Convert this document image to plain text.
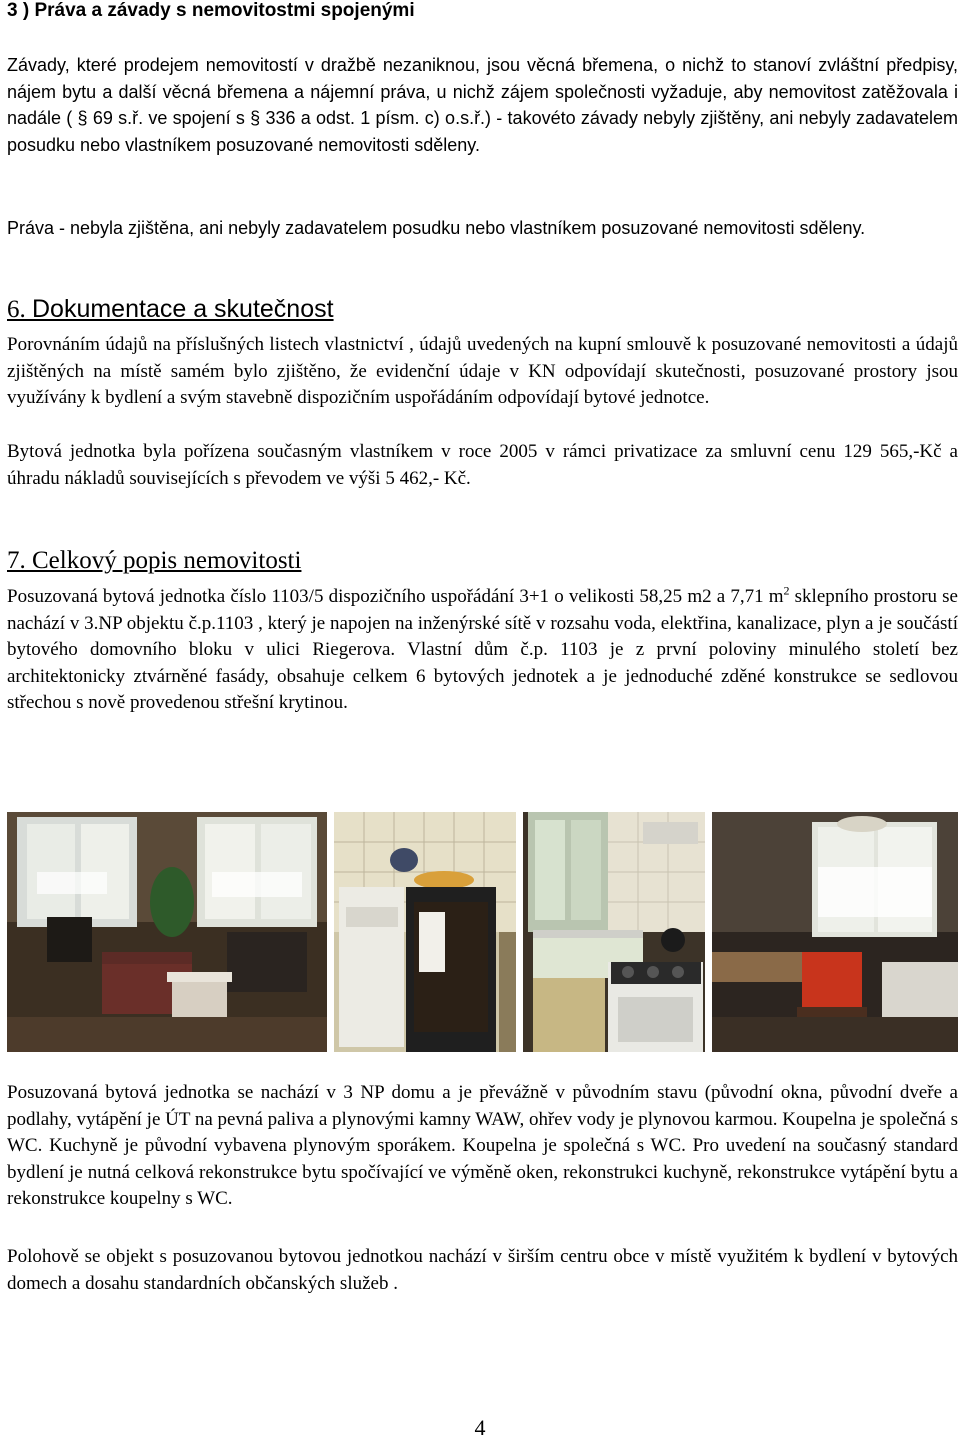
3 ) Práva a závady s nemovitostmi spojenými

Závady, které prodejem nemovitostí v dražbě nezaniknou, jsou věcná břemena, o nichž to stanoví zvláštní předpisy, nájem bytu a další věcná břemena a nájemní práva, u nichž zájem společnosti vyžaduje, aby nemovitost zatěžovala i nadále ( § 69 s.ř. ve spojení s § 336 a odst. 1 písm. c) o.s.ř.) - takovéto závady nebyly zjištěny, ani nebyly zadavatelem posudku nebo vlastníkem posuzované nemovitosti sděleny.

Práva - nebyla zjištěna, ani nebyly zadavatelem posudku nebo vlastníkem posuzované nemovitosti sděleny.

6. Dokumentace a skutečnost

Porovnáním údajů na příslušných listech vlastnictví , údajů uvedených na kupní smlouvě k posuzované nemovitosti a údajů zjištěných na místě samém bylo zjištěno, že evidenční údaje v KN odpovídají skutečnosti, posuzované prostory jsou využívány k bydlení a svým stavebně dispozičním uspořádáním odpovídají bytové jednotce.

Bytová jednotka byla pořízena současným vlastníkem v roce 2005 v rámci privatizace za smluvní cenu 129 565,-Kč a úhradu nákladů souvisejících s převodem ve výši 5 462,- Kč.

7. Celkový popis nemovitosti

Posuzovaná bytová jednotka číslo 1103/5 dispozičního uspořádání 3+1 o velikosti 58,25 m2 a 7,71 $m^2$ sklepního prostoru se nachází v 3.NP objektu č.p.1103 , který je napojen na inženýrské sítě v rozsahu voda, elektřina, kanalizace, plyn a je součástí bytového domovního bloku v ulici Riegerova. Vlastní dům č.p. 1103 je z první poloviny minulého století bez architektonicky ztvárněné fasády, obsahuje celkem 6 bytových jednotek a je jednoduché zděné konstrukce se sedlovou střechou s nově provedenou střešní krytinou.

Posuzovaná bytová jednotka se nachází v 3 NP domu a je převážně v původním stavu (původní okna, původní dveře a podlahy, vytápění je ÚT na pevná paliva a plynovými kamny WAW, ohřev vody je plynovou karmou. Koupelna je společná s WC. Kuchyně je původní vybavena plynovým sporákem. Koupelna je společná s WC. Pro uvedení na současný standard bydlení je nutná celková rekonstrukce bytu spočívající ve výměně oken, rekonstrukci kuchyně, rekonstrukce vytápění bytu a rekonstrukce koupelny s WC.

Polohově se objekt s posuzovanou bytovou jednotkou nachází v širším centru obce v místě využitém k bydlení v bytových domech a dosahu standardních občanských služeb .

4
